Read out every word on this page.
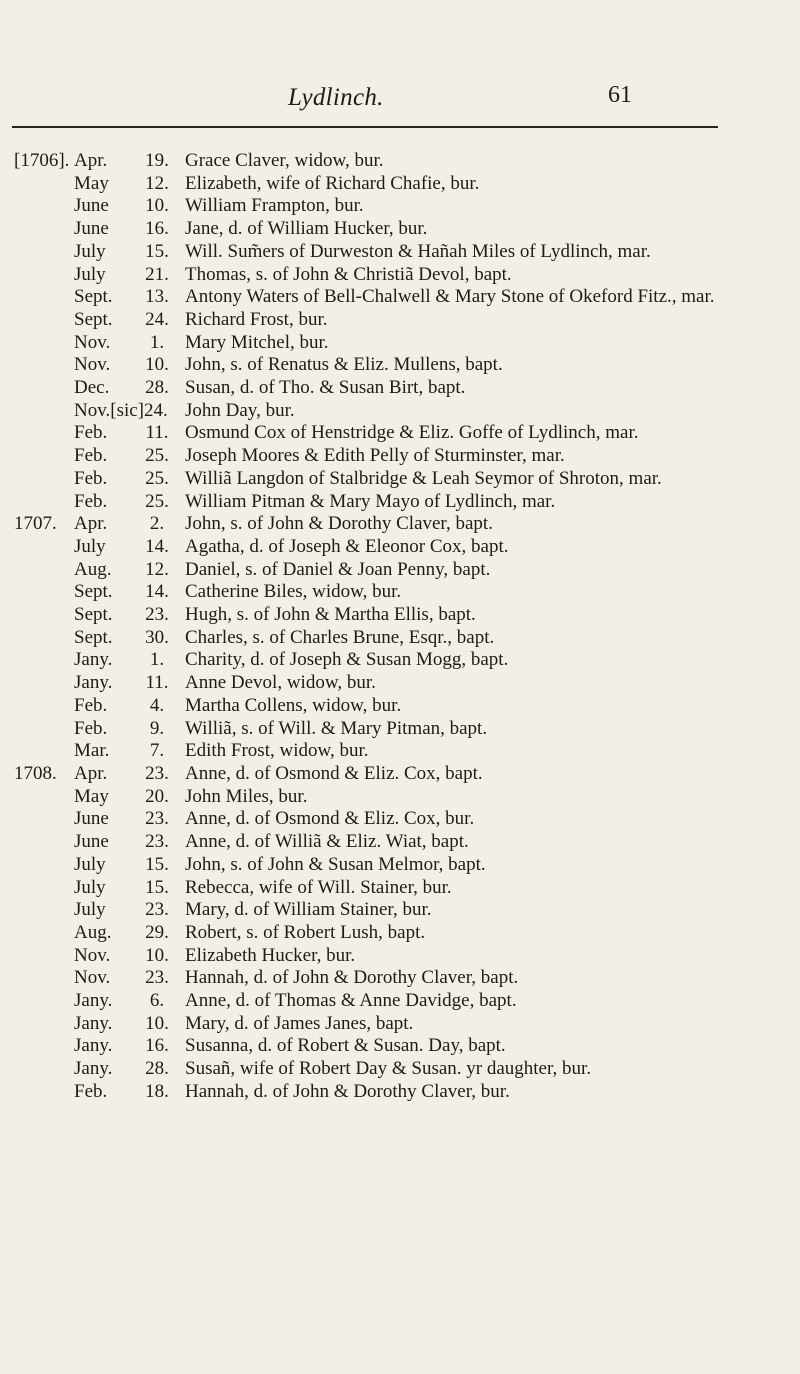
Lydlinch.	61
[1706]. Apr.	19. Grace Claver, widow, bur.
May	12. Elizabeth, wife of Richard Chafie, bur.
June	10. William Frampton, bur.
June	16. Jane, d. of William Hucker, bur.
July	15. Will. Sum̃ers of Durweston & Hañah Miles of Lydlinch, mar.
July	21. Thomas, s. of John & Christiã Devol, bapt.
Sept.	13. Antony Waters of Bell-Chalwell & Mary Stone of Okeford Fitz., mar.
Sept.	24. Richard Frost, bur.
Nov.	1.	Mary Mitchel, bur.
Nov.	10. John, s. of Renatus & Eliz. Mullens, bapt.
Dec.	28. Susan, d. of Tho. & Susan Birt, bapt.
Nov.[sic]24. John Day, bur.
Feb.	11. Osmund Cox of Henstridge & Eliz. Goffe of Lydlinch, mar.
Feb.	25. Joseph Moores & Edith Pelly of Sturminster, mar.
Feb.	25. Williã Langdon of Stalbridge & Leah Seymor of Shroton, mar.
Feb.	25. William Pitman & Mary Mayo of Lydlinch, mar.
1707. Apr.	2.	John, s. of John & Dorothy Claver, bapt.
July	14. Agatha, d. of Joseph & Eleonor Cox, bapt.
Aug.	12. Daniel, s. of Daniel & Joan Penny, bapt.
Sept.	14. Catherine Biles, widow, bur.
Sept.	23. Hugh, s. of John & Martha Ellis, bapt.
Sept.	30. Charles, s. of Charles Brune, Esqr., bapt.
Jany.	1.	Charity, d. of Joseph & Susan Mogg, bapt.
Jany.	11. Anne Devol, widow, bur.
Feb.	4.	Martha Collens, widow, bur.
Feb.	9.	Williã, s. of Will. & Mary Pitman, bapt.
Mar.	7.	Edith Frost, widow, bur.
1708. Apr.	23. Anne, d. of Osmond & Eliz. Cox, bapt.
May	20. John Miles, bur.
June	23. Anne, d. of Osmond & Eliz. Cox, bur.
June	23. Anne, d. of Williã & Eliz. Wiat, bapt.
July	15. John, s. of John & Susan Melmor, bapt.
July	15. Rebecca, wife of Will. Stainer, bur.
July	23. Mary, d. of William Stainer, bur.
Aug.	29. Robert, s. of Robert Lush, bapt.
Nov.	10. Elizabeth Hucker, bur.
Nov.	23. Hannah, d. of John & Dorothy Claver, bapt.
Jany.	6.	Anne, d. of Thomas & Anne Davidge, bapt.
Jany.	10. Mary, d. of James Janes, bapt.
Jany.	16. Susanna, d. of Robert & Susan. Day, bapt.
Jany.	28. Susañ, wife of Robert Day & Susan. yr daughter, bur.
Feb.	18. Hannah, d. of John & Dorothy Claver, bur.
